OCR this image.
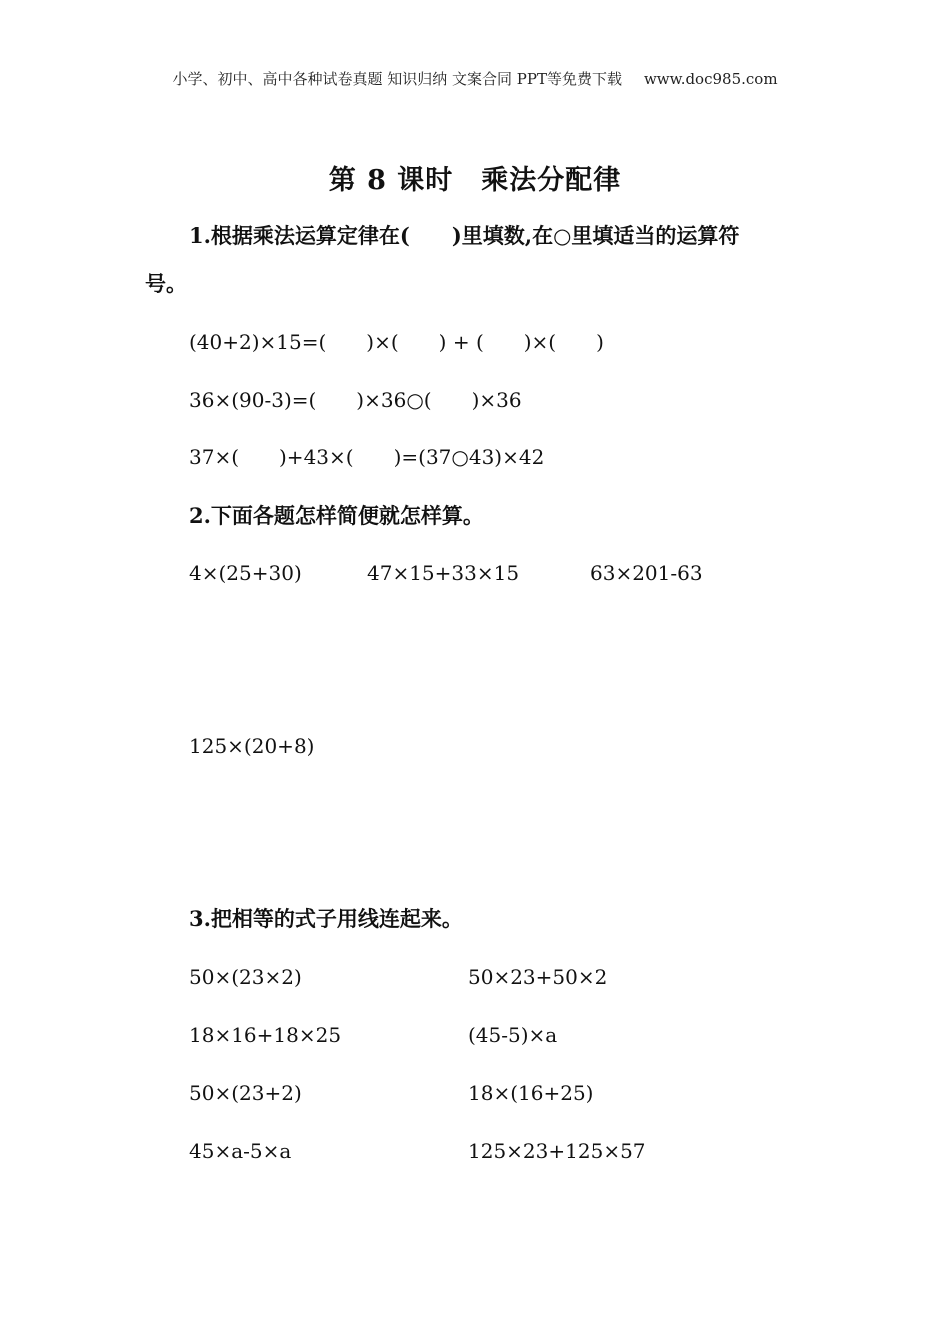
小学、初中、高中各种试卷真题 知识归纳 文案合同 PPT等免费下载 www.doc985.com
第 8 课时　乘法分配律
1.根据乘法运算定律在(　　)里填数,在○里填适当的运算符
号。
(40+2)×15=(　　)×(　　) + (　　)×(　　)
36×(90-3)=(　　)×36○(　　)×36
37×(　　)+43×(　　)=(37○43)×42
2.下面各题怎样简便就怎样算。
4×(25+30)	47×15+33×15	63×201-63
125×(20+8)
3.把相等的式子用线连起来。
50×(23×2)	50×23+50×2
18×16+18×25	(45-5)×a
50×(23+2)	18×(16+25)
45×a-5×a	125×23+125×57
